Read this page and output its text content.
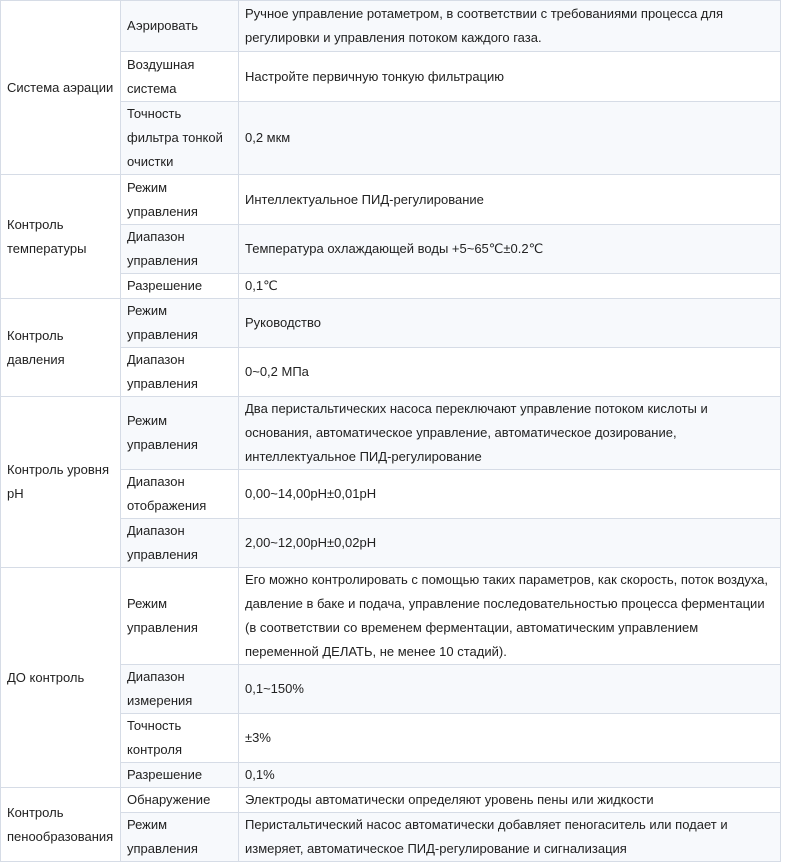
Система аэрации	Аэрировать	Ручное управление ротаметром, в соответствии с требованиями процесса для регулировки и управления потоком каждого газа.
	Воздушная система	Настройте первичную тонкую фильтрацию
	Точность фильтра тонкой очистки	0,2 мкм
Контроль температуры	Режим управления	Интеллектуальное ПИД-регулирование
	Диапазон управления	Температура охлаждающей воды +5~65℃±0.2℃
	Разрешение	0,1℃
Контроль давления	Режим управления	Руководство
	Диапазон управления	0~0,2 МПа
Контроль уровня pH	Режим управления	Два перистальтических насоса переключают управление потоком кислоты и основания, автоматическое управление, автоматическое дозирование, интеллектуальное ПИД-регулирование
	Диапазон отображения	0,00~14,00pH±0,01pH
	Диапазон управления	2,00~12,00pH±0,02pH
ДО контроль	Режим управления	Его можно контролировать с помощью таких параметров, как скорость, поток воздуха, давление в баке и подача, управление последовательностью процесса ферментации (в соответствии со временем ферментации, автоматическим управлением переменной ДЕЛАТЬ, не менее 10 стадий).
	Диапазон измерения	0,1~150%
	Точность контроля	±3%
	Разрешение	0,1%
Контроль пенообразования	Обнаружение	Электроды автоматически определяют уровень пены или жидкости
	Режим управления	Перистальтический насос автоматически добавляет пеногаситель или подает и измеряет, автоматическое ПИД-регулирование и сигнализация
